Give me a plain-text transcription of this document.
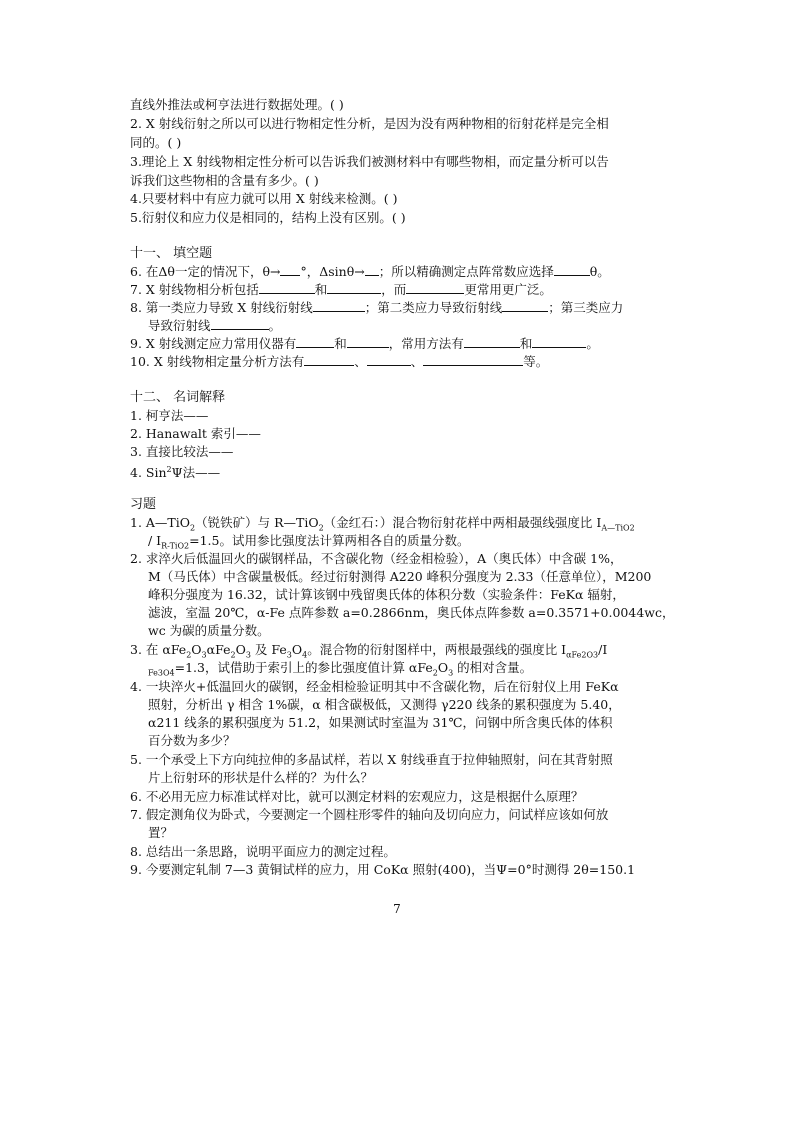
直线外推法或柯亨法进行数据处理。( )
2. X 射线衍射之所以可以进行物相定性分析，是因为没有两种物相的衍射花样是完全相
同的。( )
3.理论上 X 射线物相定性分析可以告诉我们被测材料中有哪些物相，而定量分析可以告
诉我们这些物相的含量有多少。( )
4.只要材料中有应力就可以用 X 射线来检测。( )
5.衍射仪和应力仪是相同的，结构上没有区别。( )
十一、 填空题
6. 在Δθ一定的情况下，θ→ °，Δsinθ→ ；所以精确测定点阵常数应选择	θ。
7. X 射线物相分析包括	和	，而	更常用更广泛。
8. 第一类应力导致 X 射线衍射线	；第二类应力导致衍射线	；第三类应力
导致衍射线	。
9. X 射线测定应力常用仪器有	和	，常用方法有	和	。
10. X 射线物相定量分析方法有	、	、	等。
十二、 名词解释
1. 柯亨法——
2. Hanawalt 索引——
3. 直接比较法——
4. Sin$^2$Ψ法——
习题
1. A—TiO$_2$（锐铁矿）与 R—TiO$_2$（金红石：）混合物衍射花样中两相最强线强度比 $I_{A—TiO2}$
/ $I_{R-TiO2}=1.5$。试用参比强度法计算两相各自的质量分数。
2. 求淬火后低温回火的碳钢样品，不含碳化物（经金相检验），A（奥氏体）中含碳 1%，
M（马氏体）中含碳量极低。经过衍射测得 A220 峰积分强度为 2.33（任意单位），M200
峰积分强度为 16.32，试计算该钢中残留奥氏体的体积分数（实验条件：FeKα 辐射，
滤波，室温 20℃，α-Fe 点阵参数 a=0.2866nm，奥氏体点阵参数 a=0.3571+0.0044wc，
wc 为碳的质量分数。
3. 在 $\alpha Fe_2O_3\alpha Fe_2O_3$ 及 $Fe_3O_4$。混合物的衍射图样中，两根最强线的强度比 $I_{\alpha Fe2O3}/I$
$_{Fe3O4}$=1.3，试借助于索引上的参比强度值计算 $\alpha Fe_2O_3$ 的相对含量。
4. 一块淬火+低温回火的碳钢，经金相检验证明其中不含碳化物，后在衍射仪上用 FeKα
照射，分析出 γ 相含 1%碳，α 相含碳极低，又测得 γ220 线条的累积强度为 5.40，
α211 线条的累积强度为 51.2，如果测试时室温为 31℃，问钢中所含奥氏体的体积
百分数为多少？
5. 一个承受上下方向纯拉伸的多晶试样，若以 X 射线垂直于拉伸轴照射，问在其背射照
片上衍射环的形状是什么样的？为什么？
6. 不必用无应力标准试样对比，就可以测定材料的宏观应力，这是根据什么原理？
7. 假定测角仪为卧式，今要测定一个圆柱形零件的轴向及切向应力，问试样应该如何放
置？
8. 总结出一条思路，说明平面应力的测定过程。
9. 今要测定轧制 7—3 黄铜试样的应力，用 CoKα 照射(400)，当Ψ=0°时测得 2θ=150.1
7
